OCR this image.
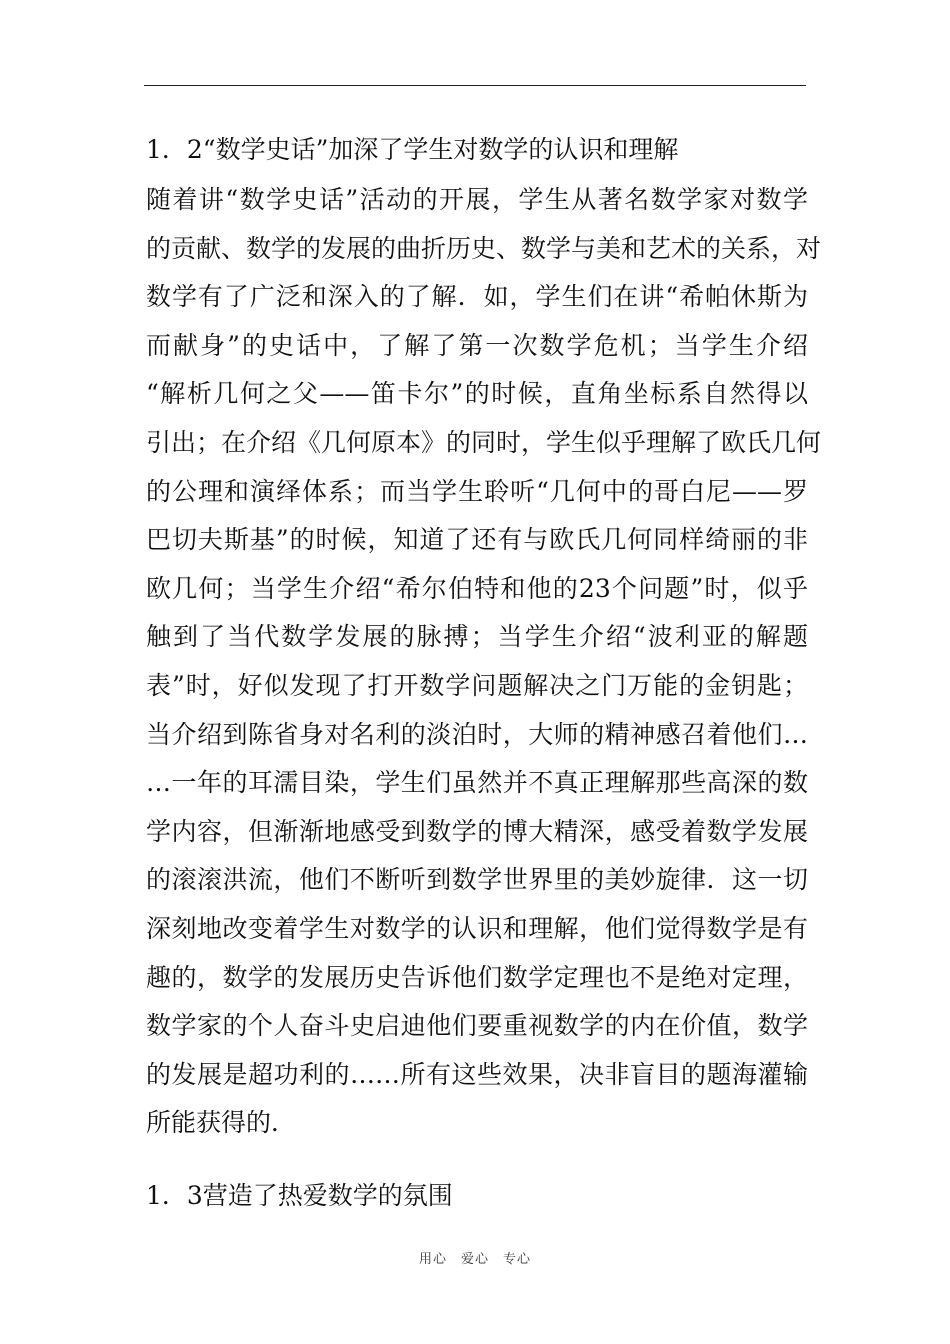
1．2“数学史话”加深了学生对数学的认识和理解
随着讲“数学史话”活动的开展，学生从著名数学家对数学
的贡献、数学的发展的曲折历史、数学与美和艺术的关系，对
数学有了广泛和深入的了解．如，学生们在讲“希帕休斯为
而献身”的史话中，了解了第一次数学危机；当学生介绍
“解析几何之父——笛卡尔”的时候，直角坐标系自然得以
引出；在介绍《几何原本》的同时，学生似乎理解了欧氏几何
的公理和演绎体系；而当学生聆听“几何中的哥白尼——罗
巴切夫斯基”的时候，知道了还有与欧氏几何同样绮丽的非
欧几何；当学生介绍“希尔伯特和他的23个问题”时，似乎
触到了当代数学发展的脉搏；当学生介绍“波利亚的解题
表”时，好似发现了打开数学问题解决之门万能的金钥匙；
当介绍到陈省身对名利的淡泊时，大师的精神感召着他们…
…一年的耳濡目染，学生们虽然并不真正理解那些高深的数
学内容，但渐渐地感受到数学的博大精深，感受着数学发展
的滚滚洪流，他们不断听到数学世界里的美妙旋律．这一切
深刻地改变着学生对数学的认识和理解，他们觉得数学是有
趣的，数学的发展历史告诉他们数学定理也不是绝对定理，
数学家的个人奋斗史启迪他们要重视数学的内在价值，数学
的发展是超功利的……所有这些效果，决非盲目的题海灌输
所能获得的．
1．3营造了热爱数学的氛围
用心　爱心　专心
